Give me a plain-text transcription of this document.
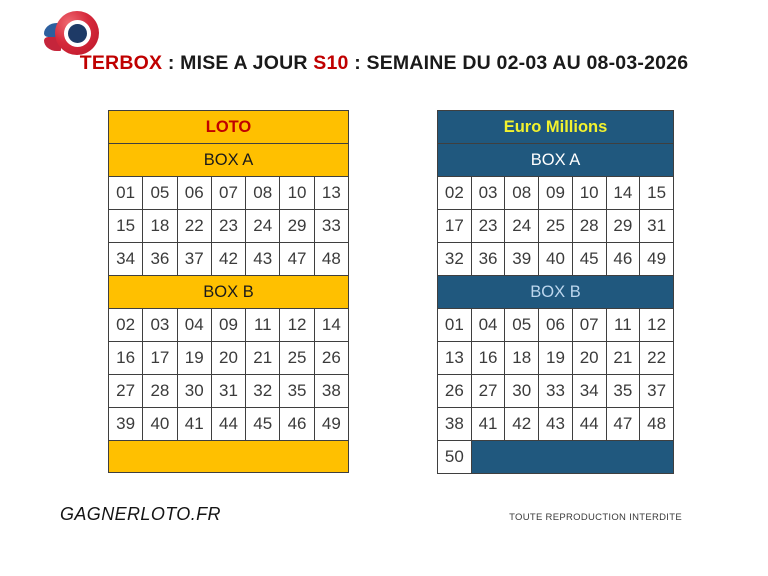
TERBOX : MISE A JOUR S10 : SEMAINE DU 02-03 AU 08-03-2026
LOTO						
BOX A						
01	05	06	07	08	10	13
15	18	22	23	24	29	33
34	36	37	42	43	47	48
BOX B						
02	03	04	09	11	12	14
16	17	19	20	21	25	26
27	28	30	31	32	35	38
39	40	41	44	45	46	49

Euro Millions						
BOX A						
02	03	08	09	10	14	15
17	23	24	25	28	29	31
32	36	39	40	45	46	49
BOX B						
01	04	05	06	07	11	12
13	16	18	19	20	21	22
26	27	30	33	34	35	37
38	41	42	43	44	47	48
50						
GAGNERLOTO.FR	TOUTE REPRODUCTION INTERDITE
